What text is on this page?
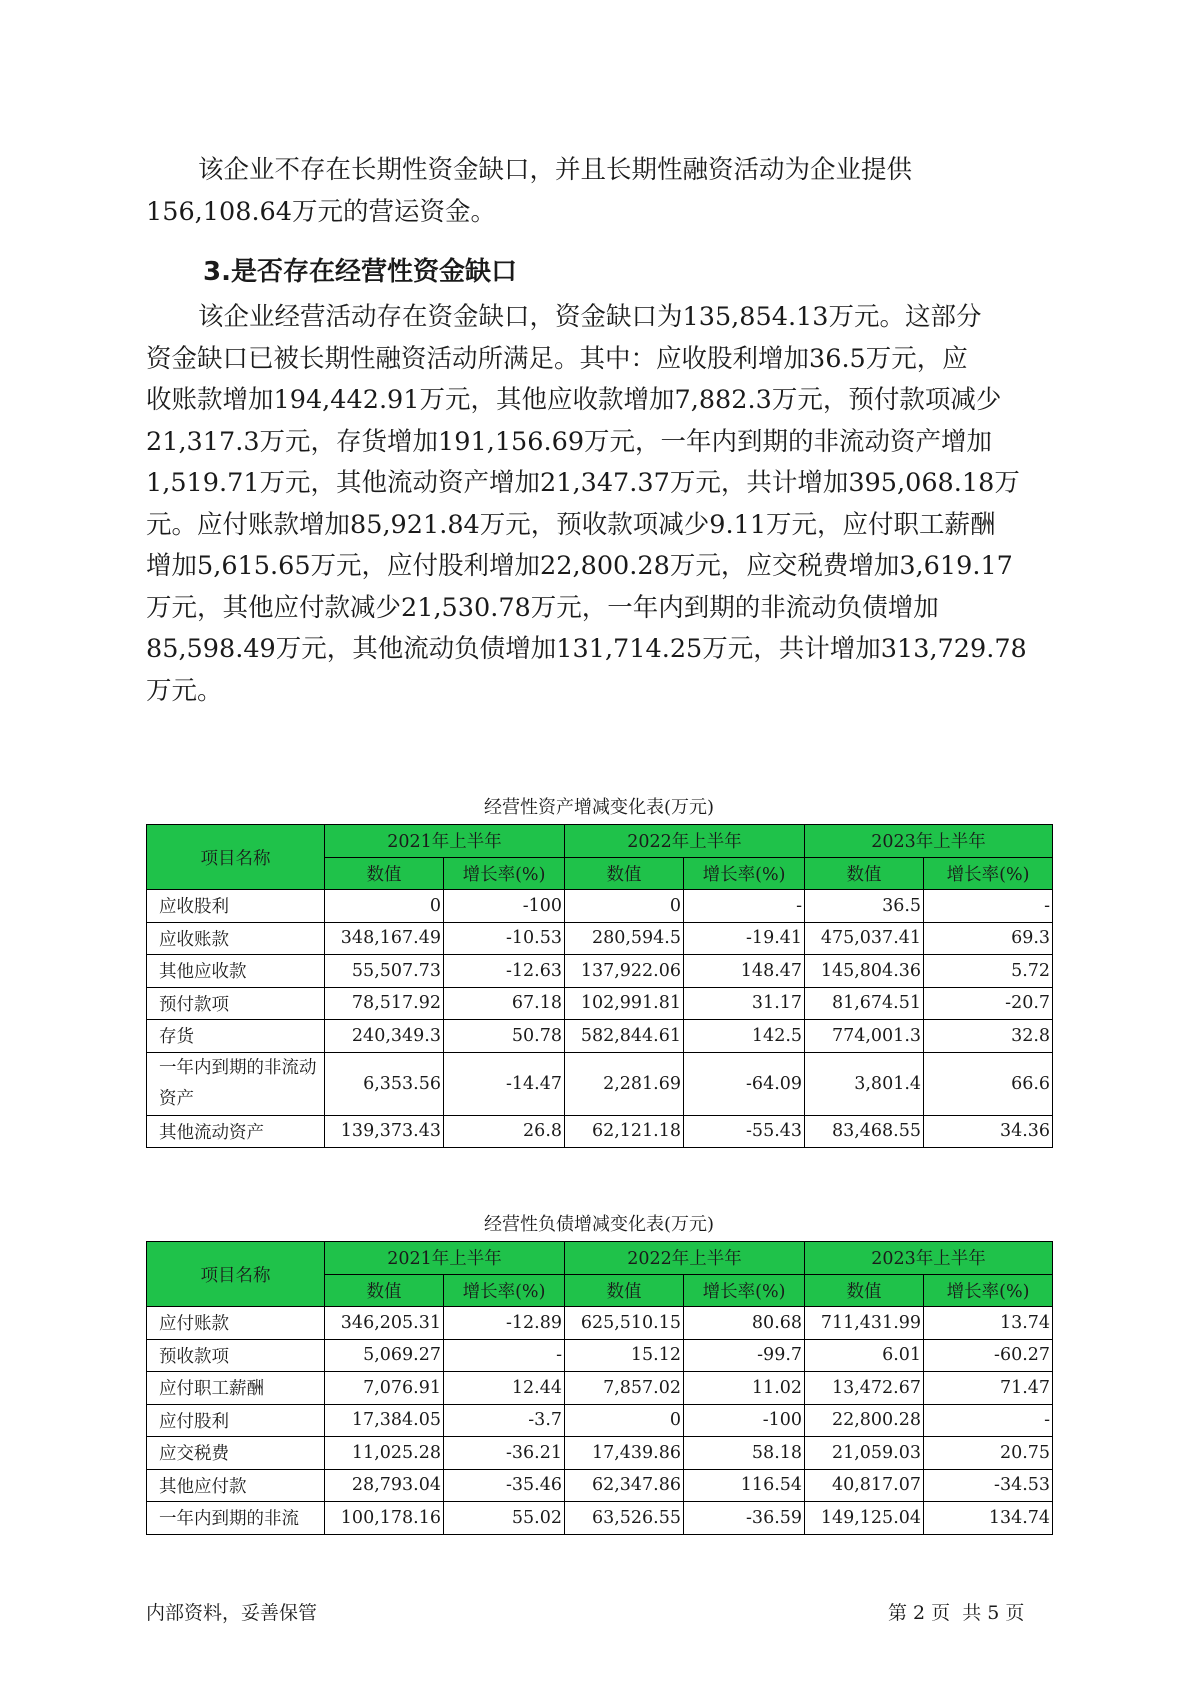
该企业不存在长期性资金缺口，并且长期性融资活动为企业提供
156,108.64万元的营运资金。

3.是否存在经营性资金缺口

该企业经营活动存在资金缺口，资金缺口为135,854.13万元。这部分
资金缺口已被长期性融资活动所满足。其中：应收股利增加36.5万元，应
收账款增加194,442.91万元，其他应收款增加7,882.3万元，预付款项减少
21,317.3万元，存货增加191,156.69万元，一年内到期的非流动资产增加
1,519.71万元，其他流动资产增加21,347.37万元，共计增加395,068.18万
元。应付账款增加85,921.84万元，预收款项减少9.11万元，应付职工薪酬
增加5,615.65万元，应付股利增加22,800.28万元，应交税费增加3,619.17
万元，其他应付款减少21,530.78万元，一年内到期的非流动负债增加
85,598.49万元，其他流动负债增加131,714.25万元，共计增加313,729.78
万元。

经营性资产增减变化表(万元)
项目名称	2021年上半年		2022年上半年		2023年上半年	
	数值	增长率(%)	数值	增长率(%)	数值	增长率(%)
应收股利	0	-100	0	-	36.5	-
应收账款	348,167.49	-10.53	280,594.5	-19.41	475,037.41	69.3
其他应收款	55,507.73	-12.63	137,922.06	148.47	145,804.36	5.72
预付款项	78,517.92	67.18	102,991.81	31.17	81,674.51	-20.7
存货	240,349.3	50.78	582,844.61	142.5	774,001.3	32.8
一年内到期的非流动资产	6,353.56	-14.47	2,281.69	-64.09	3,801.4	66.6
其他流动资产	139,373.43	26.8	62,121.18	-55.43	83,468.55	34.36
经营性负债增减变化表(万元)
项目名称	2021年上半年		2022年上半年		2023年上半年	
	数值	增长率(%)	数值	增长率(%)	数值	增长率(%)
应付账款	346,205.31	-12.89	625,510.15	80.68	711,431.99	13.74
预收款项	5,069.27	-	15.12	-99.7	6.01	-60.27
应付职工薪酬	7,076.91	12.44	7,857.02	11.02	13,472.67	71.47
应付股利	17,384.05	-3.7	0	-100	22,800.28	-
应交税费	11,025.28	-36.21	17,439.86	58.18	21,059.03	20.75
其他应付款	28,793.04	-35.46	62,347.86	116.54	40,817.07	-34.53
一年内到期的非流	100,178.16	55.02	63,526.55	-36.59	149,125.04	134.74
内部资料，妥善保管	第 2 页  共 5 页
